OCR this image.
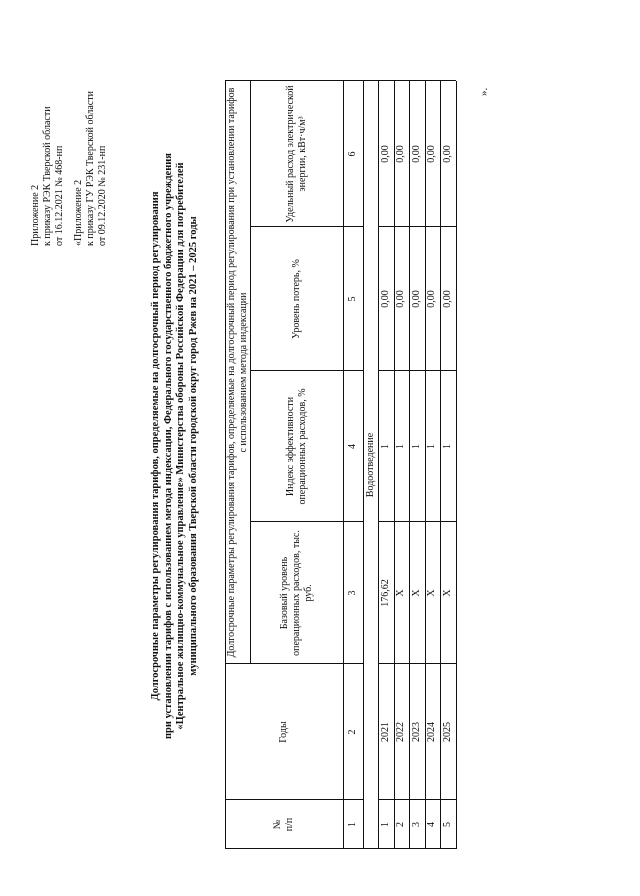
Приложение 2 к приказу РЭК Тверской области от 16.12.2021 № 468-нп «Приложение 2 к приказу ГУ РЭК Тверской области от 09.12.2020 № 231-нп	Долгосрочные параметры регулирования тарифов, определяемые на долгосрочный период регулирования при установлении тарифов с использованием метода индексации, Федерального государственного бюджетного учреждения «Центральное жилищно-коммунальное управление» Министерства обороны Российской Федерации для потребителей муниципального образования Тверской области городской округ город Ржев на 2021 – 2025 годы
№
п/п
Годы
Долгосрочные параметры регулирования тарифов, определяемые на долгосрочный период регулирования при установлении тарифов с использованием метода индексации
Базовый уровень операционных расходов, тыс. руб.
Индекс эффективности операционных расходов, %
Уровень потерь, %
Удельный расход электрической энергии, кВт·ч/м³
1
2
3
4
5
6
Водоотведение
1
2021
176,62
1
0,00
0,00
2
2022
Х
1
0,00
0,00
3
2023
Х
1
0,00
0,00
4
2024
Х
1
0,00
0,00
5
2025
Х
1
0,00
0,00
».
